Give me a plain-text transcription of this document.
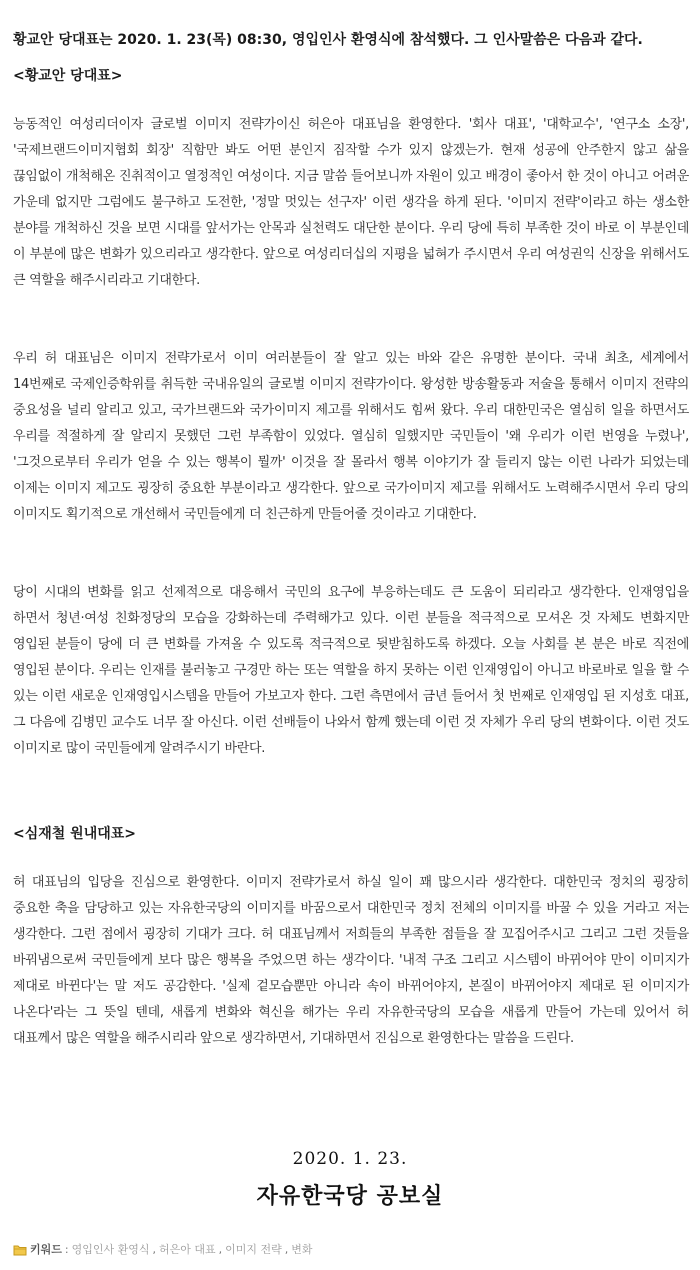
황교안 당대표는 2020. 1. 23(목) 08:30, 영입인사 환영식에 참석했다. 그 인사말씀은 다음과 같다.

<황교안 당대표>

능동적인 여성리더이자 글로벌 이미지 전략가이신 허은아 대표님을 환영한다. '회사 대표', '대학교수', '연구소 소장', '국제브랜드이미지협회 회장' 직함만 봐도 어떤 분인지 짐작할 수가 있지 않겠는가. 현재 성공에 안주한지 않고 삶을 끊임없이 개척해온 진취적이고 열정적인 여성이다. 지금 말씀 들어보니까 자원이 있고 배경이 좋아서 한 것이 아니고 어려운 가운데 없지만 그럼에도 불구하고 도전한, '정말 멋있는 선구자' 이런 생각을 하게 된다. '이미지 전략'이라고 하는 생소한 분야를 개척하신 것을 보면 시대를 앞서가는 안목과 실천력도 대단한 분이다. 우리 당에 특히 부족한 것이 바로 이 부분인데 이 부분에 많은 변화가 있으리라고 생각한다. 앞으로 여성리더십의 지평을 넓혀가 주시면서 우리 여성권익 신장을 위해서도 큰 역할을 해주시리라고 기대한다.

우리 허 대표님은 이미지 전략가로서 이미 여러분들이 잘 알고 있는 바와 같은 유명한 분이다. 국내 최초, 세계에서 14번째로 국제인증학위를 취득한 국내유일의 글로벌 이미지 전략가이다. 왕성한 방송활동과 저술을 통해서 이미지 전략의 중요성을 널리 알리고 있고, 국가브랜드와 국가이미지 제고를 위해서도 힘써 왔다. 우리 대한민국은 열심히 일을 하면서도 우리를 적절하게 잘 알리지 못했던 그런 부족함이 있었다. 열심히 일했지만 국민들이 '왜 우리가 이런 번영을 누렸나', '그것으로부터 우리가 얻을 수 있는 행복이 뭘까' 이것을 잘 몰라서 행복 이야기가 잘 들리지 않는 이런 나라가 되었는데 이제는 이미지 제고도 굉장히 중요한 부분이라고 생각한다. 앞으로 국가이미지 제고를 위해서도 노력해주시면서 우리 당의 이미지도 획기적으로 개선해서 국민들에게 더 친근하게 만들어줄 것이라고 기대한다.

당이 시대의 변화를 읽고 선제적으로 대응해서 국민의 요구에 부응하는데도 큰 도움이 되리라고 생각한다. 인재영입을 하면서 청년·여성 친화정당의 모습을 강화하는데 주력해가고 있다. 이런 분들을 적극적으로 모셔온 것 자체도 변화지만 영입된 분들이 당에 더 큰 변화를 가져올 수 있도록 적극적으로 뒷받침하도록 하겠다. 오늘 사회를 본 분은 바로 직전에 영입된 분이다. 우리는 인재를 불러놓고 구경만 하는 또는 역할을 하지 못하는 이런 인재영입이 아니고 바로바로 일을 할 수 있는 이런 새로운 인재영입시스템을 만들어 가보고자 한다. 그런 측면에서 금년 들어서 첫 번째로 인재영입 된 지성호 대표, 그 다음에 김병민 교수도 너무 잘 아신다. 이런 선배들이 나와서 함께 했는데 이런 것 자체가 우리 당의 변화이다. 이런 것도 이미지로 많이 국민들에게 알려주시기 바란다.

<심재철 원내대표>

허 대표님의 입당을 진심으로 환영한다. 이미지 전략가로서 하실 일이 꽤 많으시라 생각한다. 대한민국 정치의 굉장히 중요한 축을 담당하고 있는 자유한국당의 이미지를 바꿈으로서 대한민국 정치 전체의 이미지를 바꿀 수 있을 거라고 저는 생각한다. 그런 점에서 굉장히 기대가 크다. 허 대표님께서 저희들의 부족한 점들을 잘 꼬집어주시고 그리고 그런 것들을 바꿔냄으로써 국민들에게 보다 많은 행복을 주었으면 하는 생각이다. '내적 구조 그리고 시스템이 바뀌어야 만이 이미지가 제대로 바뀐다'는 말 저도 공감한다. '실제 겉모습뿐만 아니라 속이 바뀌어야지, 본질이 바뀌어야지 제대로 된 이미지가 나온다'라는 그 뜻일 텐데, 새롭게 변화와 혁신을 해가는 우리 자유한국당의 모습을 새롭게 만들어 가는데 있어서 허 대표께서 많은 역할을 해주시리라 앞으로 생각하면서, 기대하면서 진심으로 환영한다는 말씀을 드린다.

2020. 1. 23.
자유한국당 공보실
키워드 : 영입인사 환영식 , 허은아 대표 , 이미지 전략 , 변화
